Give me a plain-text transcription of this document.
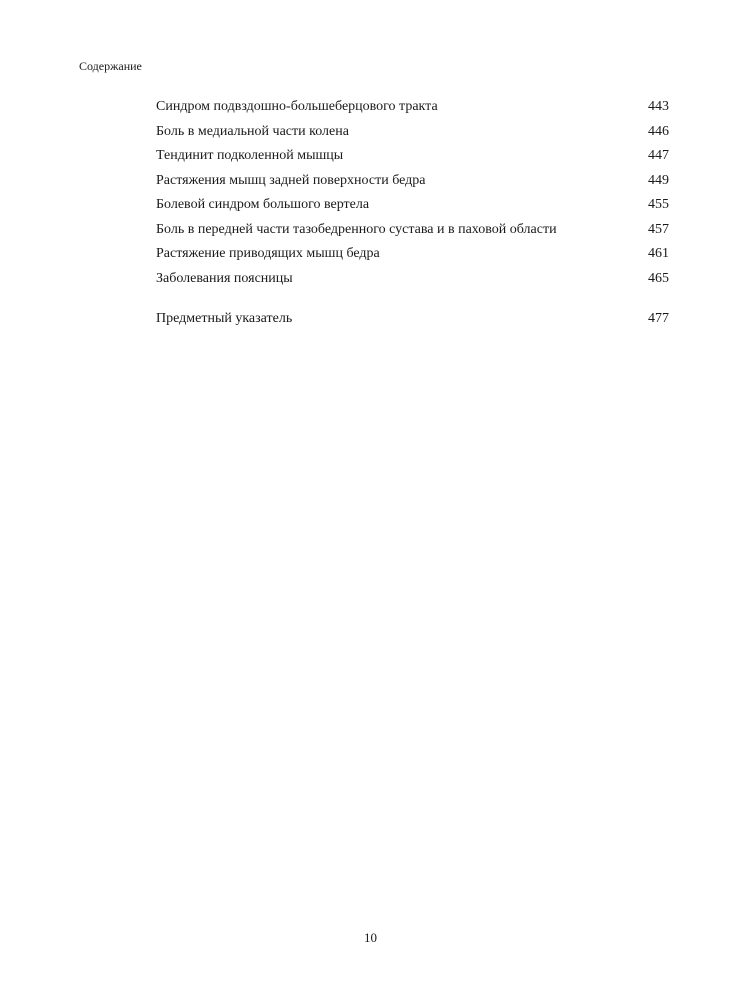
Содержание
Синдром подвздошно-большеберцового тракта	443
Боль в медиальной части колена	446
Тендинит подколенной мышцы	447
Растяжения мышц задней поверхности бедра	449
Болевой синдром большого вертела	455
Боль в передней части тазобедренного сустава и в паховой области	457
Растяжение приводящих мышц бедра	461
Заболевания поясницы	465
Предметный указатель	477
10
